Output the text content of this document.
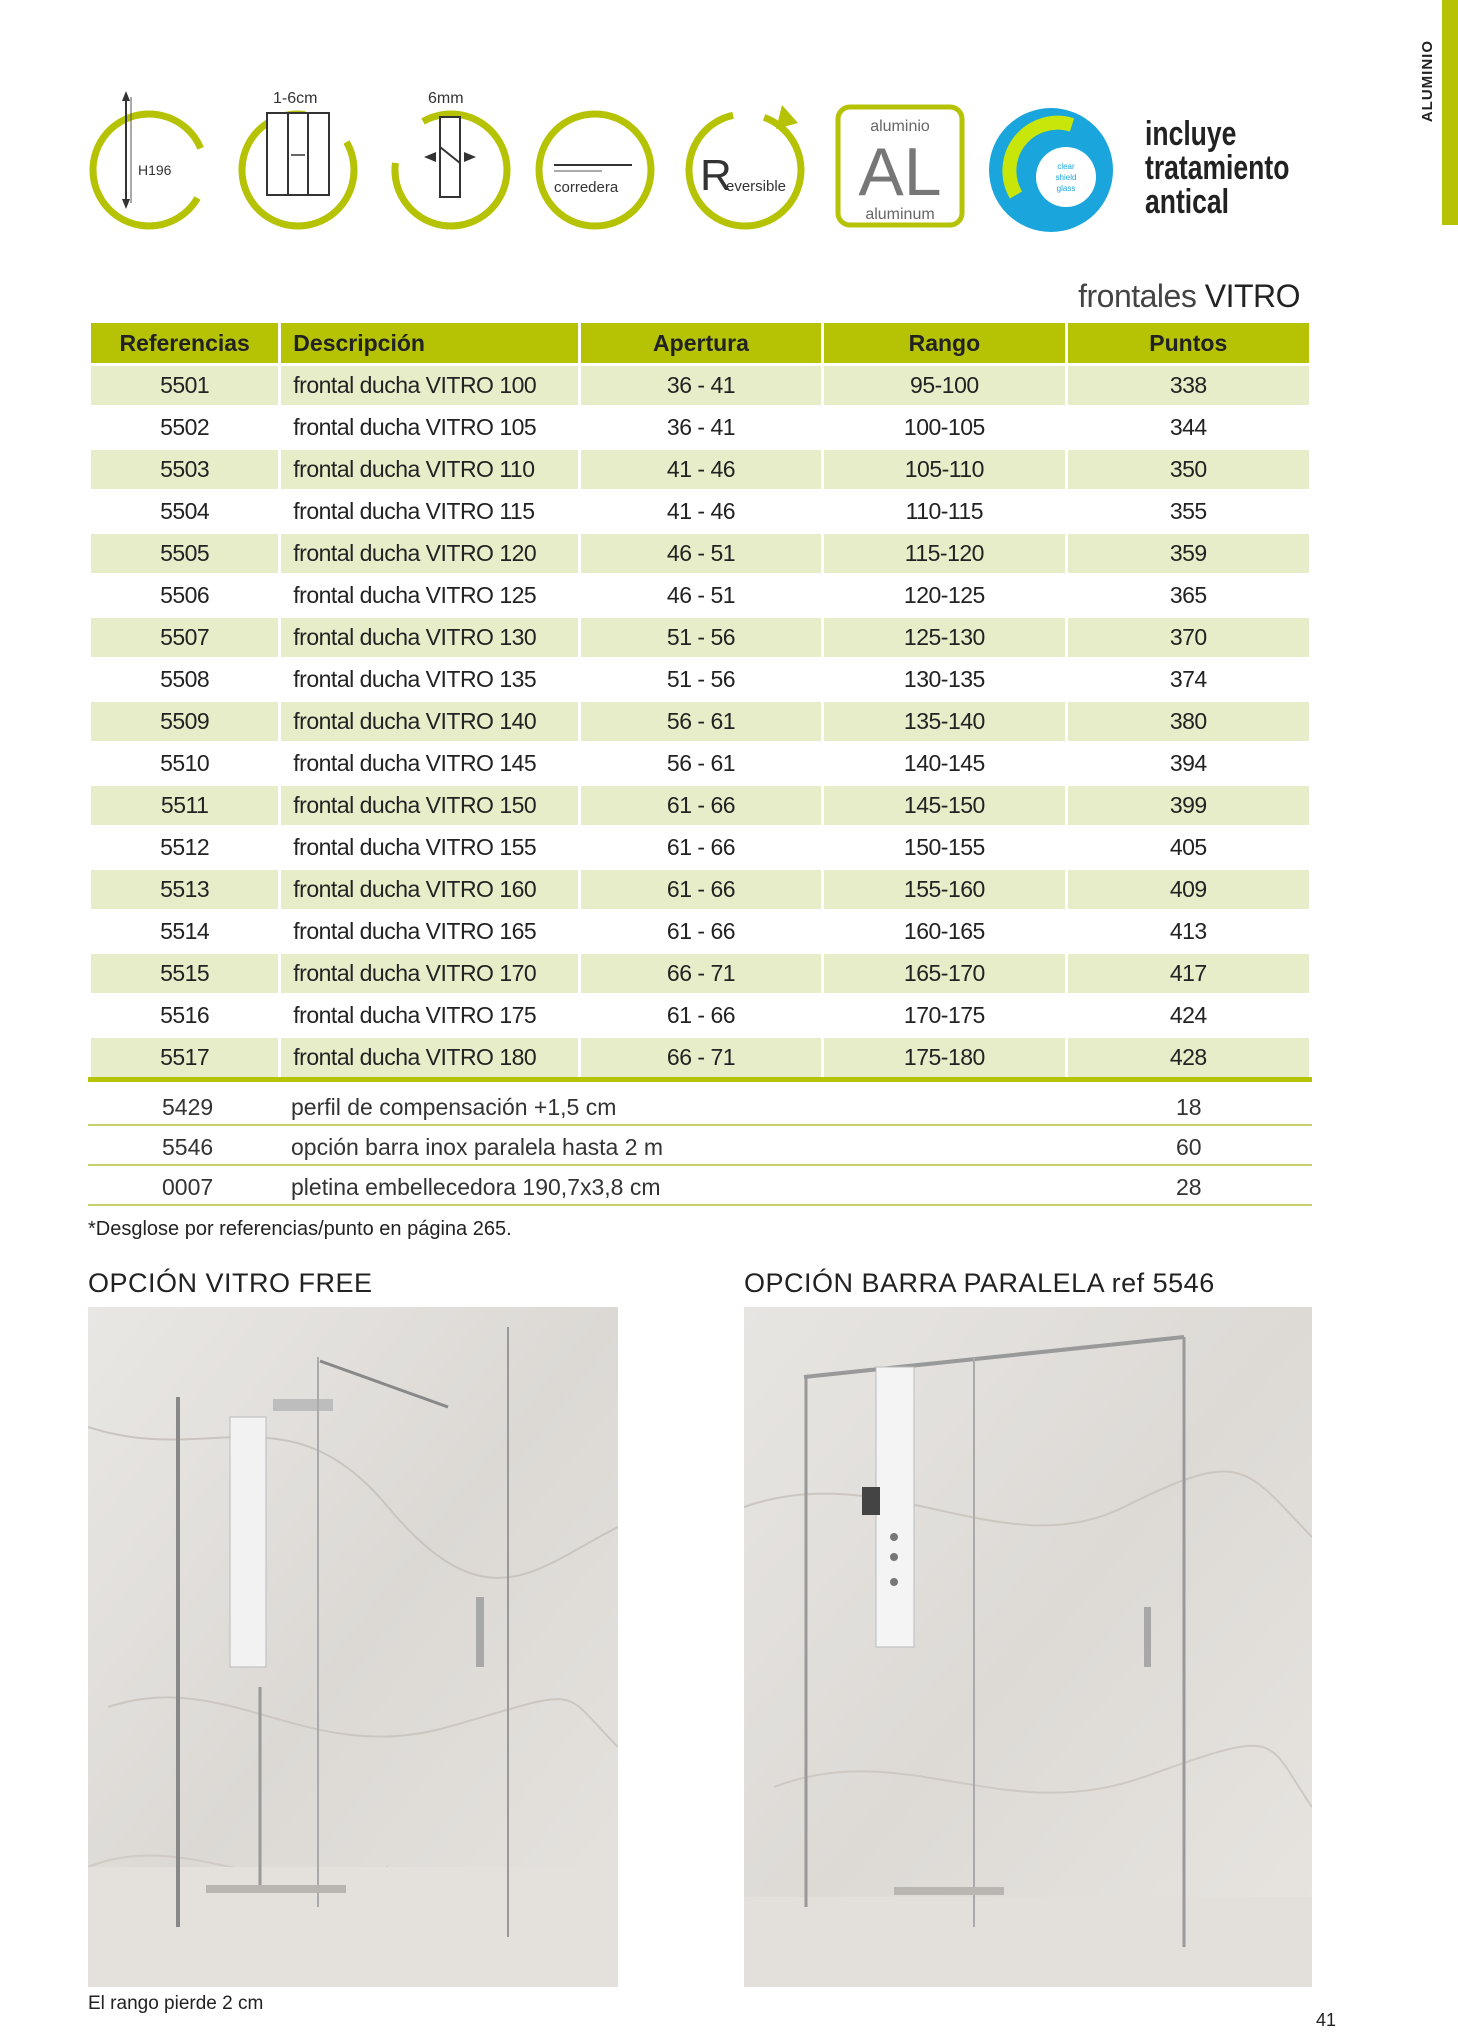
ALUMINIO
H196
1-6cm	6mm
corredera R
eversible
aluminio
AL
aluminum
clear
shield
glass
incluye
tratamiento
antical
frontales VITRO
Referencias	Descripción	Apertura	Rango	Puntos
5501	frontal ducha VITRO 100	36 - 41	95-100	338
5502	frontal ducha VITRO 105	36 - 41	100-105	344
5503	frontal ducha VITRO 110	41 - 46	105-110	350
5504	frontal ducha VITRO 115	41 - 46	110-115	355
5505	frontal ducha VITRO 120	46 - 51	115-120	359
5506	frontal ducha VITRO 125	46 - 51	120-125	365
5507	frontal ducha VITRO 130	51 - 56	125-130	370
5508	frontal ducha VITRO 135	51 - 56	130-135	374
5509	frontal ducha VITRO 140	56 - 61	135-140	380
5510	frontal ducha VITRO 145	56 - 61	140-145	394
5511	frontal ducha VITRO 150	61 - 66	145-150	399
5512	frontal ducha VITRO 155	61 - 66	150-155	405
5513	frontal ducha VITRO 160	61 - 66	155-160	409
5514	frontal ducha VITRO 165	61 - 66	160-165	413
5515	frontal ducha VITRO 170	66 - 71	165-170	417
5516	frontal ducha VITRO 175	61 - 66	170-175	424
5517	frontal ducha VITRO 180	66 - 71	175-180	428
5429	perfil de compensación +1,5 cm	18
5546	opción barra inox paralela hasta 2 m	60
0007	pletina embellecedora 190,7x3,8 cm	28
*Desglose por referencias/punto en página 265.
OPCIÓN VITRO FREE	OPCIÓN BARRA PARALELA ref 5546
El rango pierde 2 cm
41
